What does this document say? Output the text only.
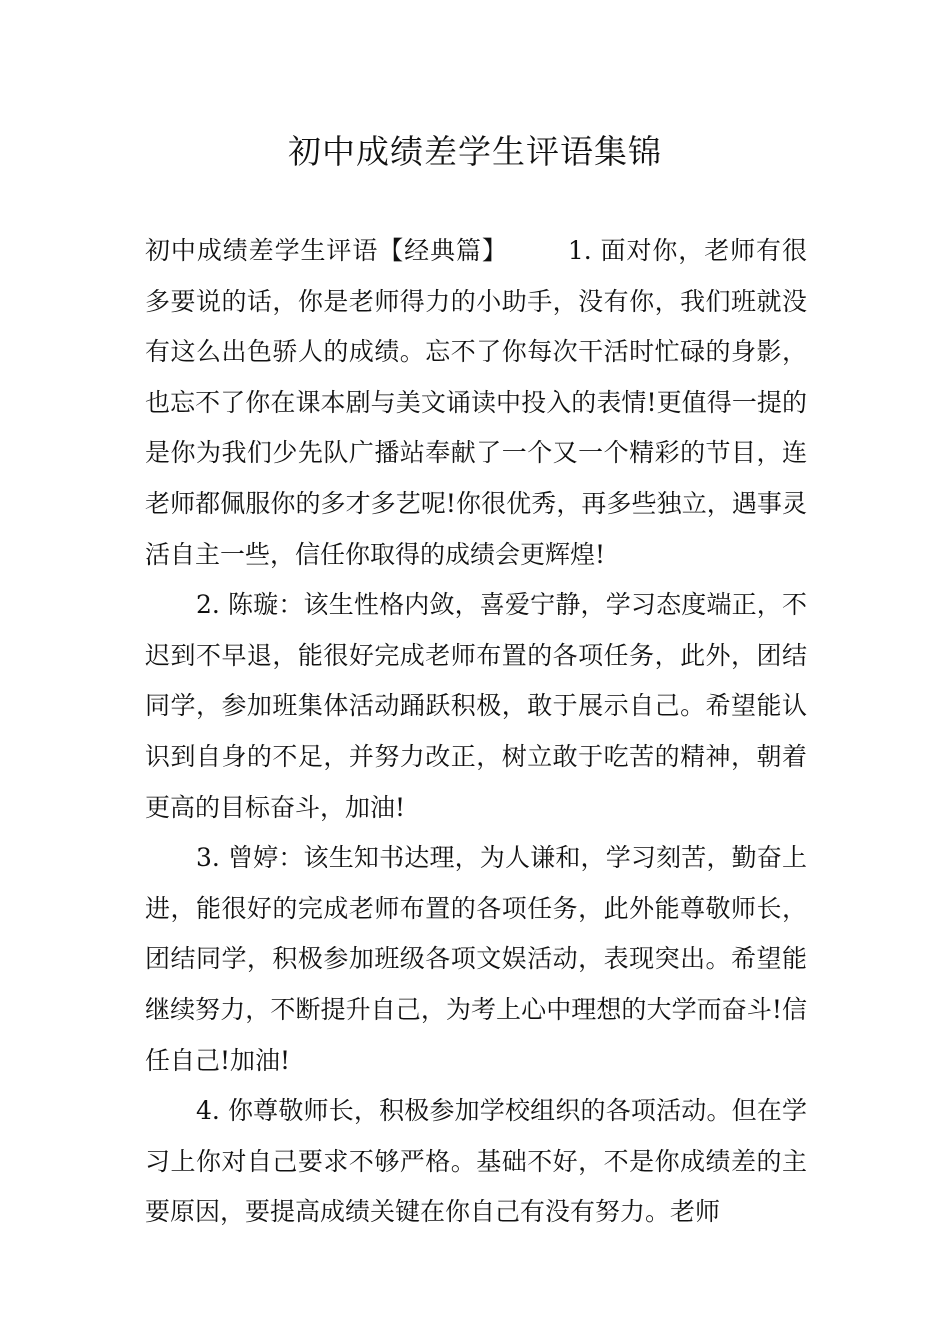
初中成绩差学生评语集锦

初中成绩差学生评语【经典篇】 1. 面对你，老师有很多要说的话，你是老师得力的小助手，没有你，我们班就没有这么出色骄人的成绩。忘不了你每次干活时忙碌的身影，也忘不了你在课本剧与美文诵读中投入的表情!更值得一提的是你为我们少先队广播站奉献了一个又一个精彩的节目，连老师都佩服你的多才多艺呢!你很优秀，再多些独立，遇事灵活自主一些，信任你取得的成绩会更辉煌!

2. 陈璇：该生性格内敛，喜爱宁静，学习态度端正，不迟到不早退，能很好完成老师布置的各项任务，此外，团结同学，参加班集体活动踊跃积极，敢于展示自己。希望能认识到自身的不足，并努力改正，树立敢于吃苦的精神，朝着更高的目标奋斗，加油!

3. 曾婷：该生知书达理，为人谦和，学习刻苦，勤奋上进，能很好的完成老师布置的各项任务，此外能尊敬师长，团结同学，积极参加班级各项文娱活动，表现突出。希望能继续努力，不断提升自己，为考上心中理想的大学而奋斗!信任自己!加油!

4. 你尊敬师长，积极参加学校组织的各项活动。但在学习上你对自己要求不够严格。基础不好，不是你成绩差的主要原因，要提高成绩关键在你自己有没有努力。老师
